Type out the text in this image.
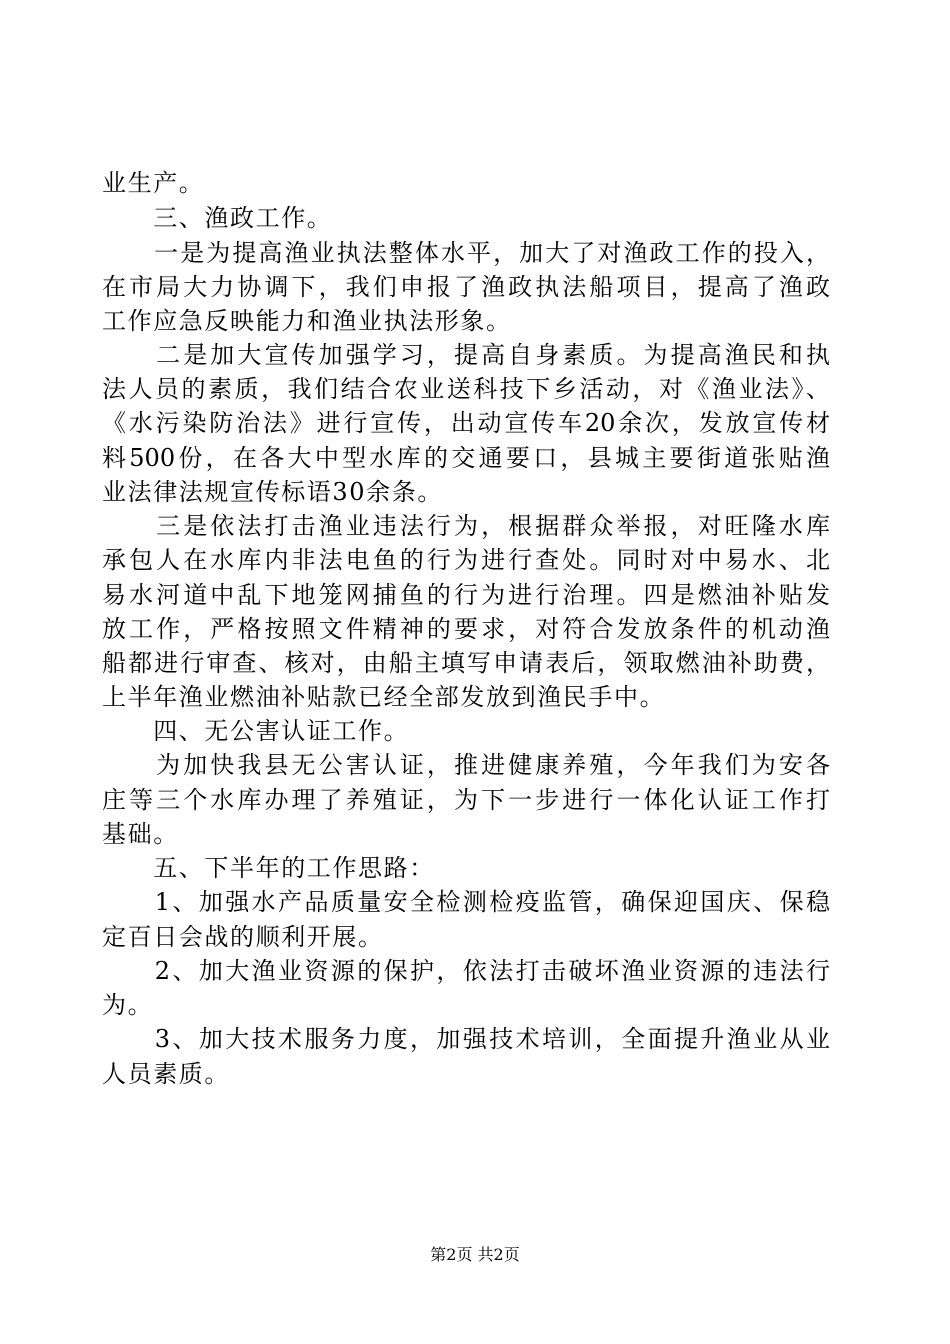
业生产。
　　三、渔政工作。
　　一是为提高渔业执法整体水平，加大了对渔政工作的投入，
在市局大力协调下，我们申报了渔政执法船项目，提高了渔政
工作应急反映能力和渔业执法形象。
　　二是加大宣传加强学习，提高自身素质。为提高渔民和执
法人员的素质，我们结合农业送科技下乡活动，对《渔业法》、
《水污染防治法》进行宣传，出动宣传车20余次，发放宣传材
料500份，在各大中型水库的交通要口，县城主要街道张贴渔
业法律法规宣传标语30余条。
　　三是依法打击渔业违法行为，根据群众举报，对旺隆水库
承包人在水库内非法电鱼的行为进行查处。同时对中易水、北
易水河道中乱下地笼网捕鱼的行为进行治理。四是燃油补贴发
放工作，严格按照文件精神的要求，对符合发放条件的机动渔
船都进行审查、核对，由船主填写申请表后，领取燃油补助费，
上半年渔业燃油补贴款已经全部发放到渔民手中。
　　四、无公害认证工作。
　　为加快我县无公害认证，推进健康养殖，今年我们为安各
庄等三个水库办理了养殖证，为下一步进行一体化认证工作打
基础。
　　五、下半年的工作思路：
　　1、加强水产品质量安全检测检疫监管，确保迎国庆、保稳
定百日会战的顺利开展。
　　2、加大渔业资源的保护，依法打击破坏渔业资源的违法行
为。
　　3、加大技术服务力度，加强技术培训，全面提升渔业从业
人员素质。
第2页 共2页
